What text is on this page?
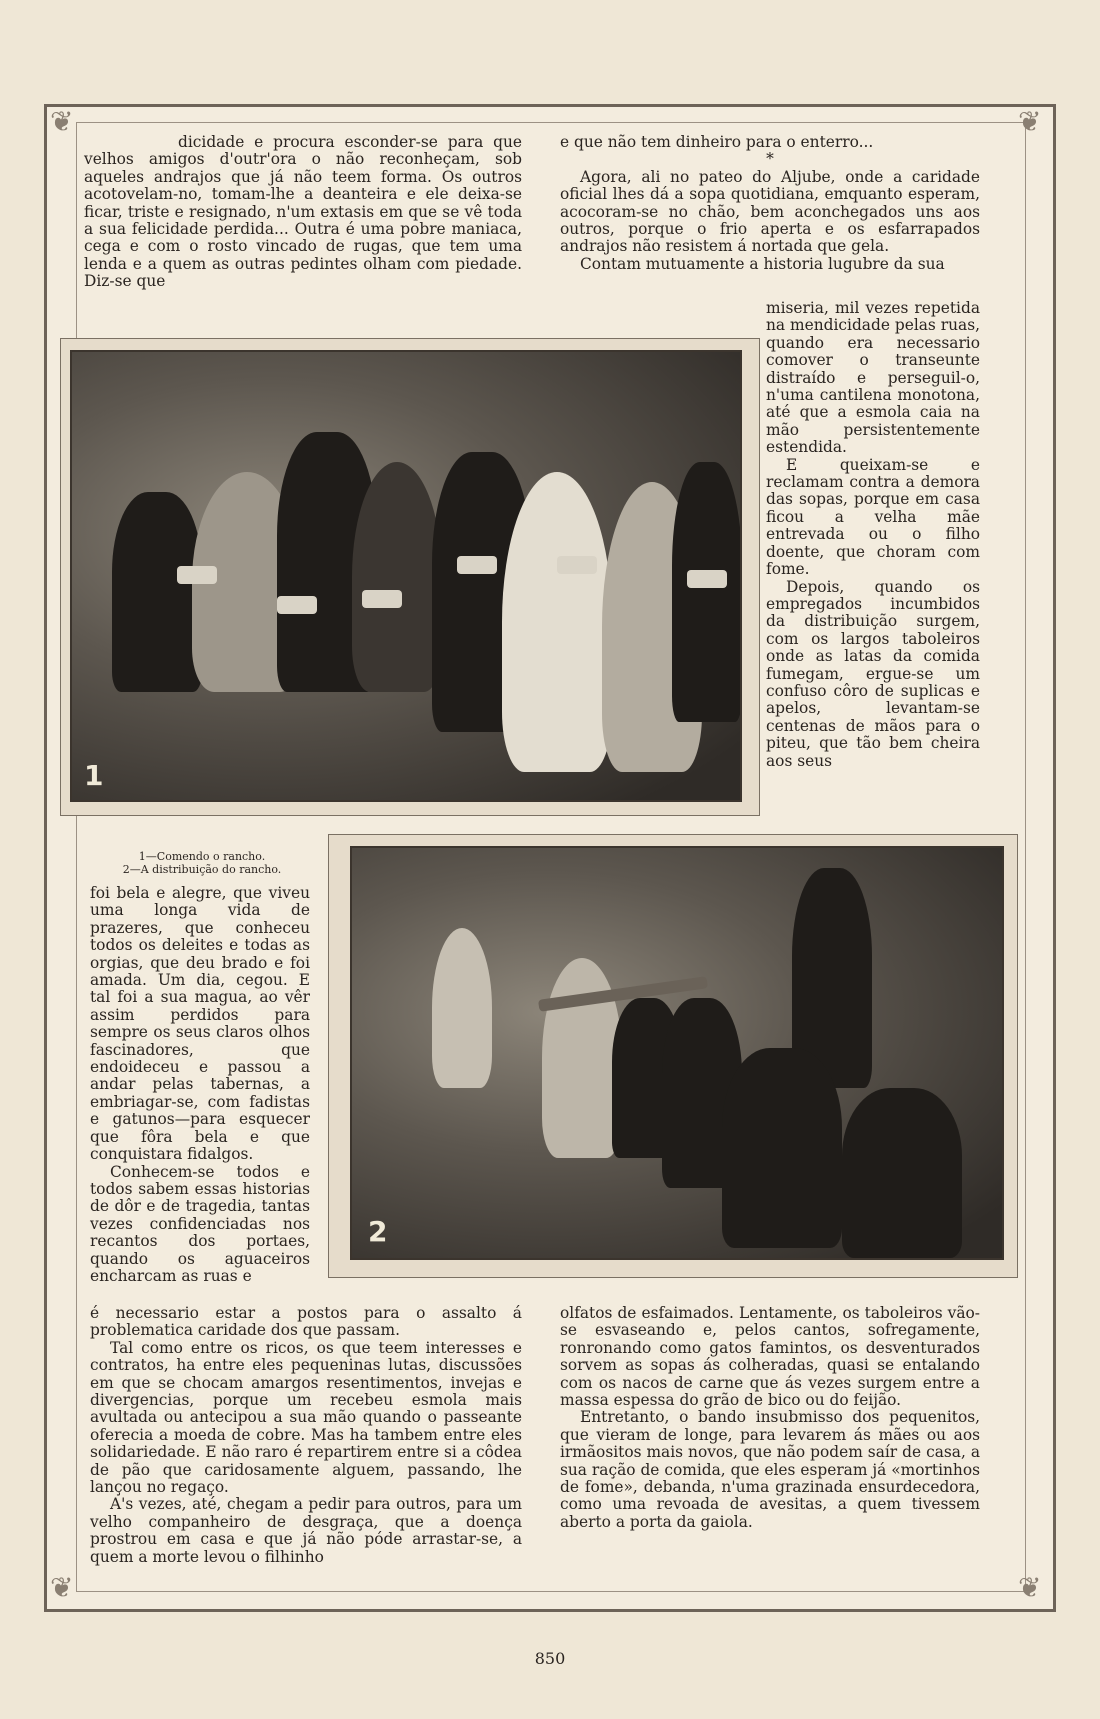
❦	❦
❦	❦

dicidade e procura esconder-se para que velhos amigos d'outr'ora o não reconheçam, sob aqueles andrajos que já não teem forma. Os outros acotovelam-no, tomam-lhe a deanteira e ele deixa-se ficar, triste e resignado, n'um extasis em que se vê toda a sua felicidade perdida... Outra é uma pobre maniaca, cega e com o rosto vincado de rugas, que tem uma lenda e a quem as outras pedintes olham com piedade. Diz-se que

e que não tem dinheiro para o enterro...

*

Agora, ali no pateo do Aljube, onde a caridade oficial lhes dá a sopa quotidiana, emquanto esperam, acocoram-se no chão, bem aconchegados uns aos outros, porque o frio aperta e os esfarrapados andrajos não resistem á nortada que gela.

Contam mutuamente a historia lugubre da sua

1

miseria, mil vezes repetida na mendicidade pelas ruas, quando era necessario comover o transeunte distraído e perseguil-o, n'uma cantilena monotona, até que a esmola caia na mão persistentemente estendida.

E queixam-se e reclamam contra a demora das sopas, porque em casa ficou a velha mãe entrevada ou o filho doente, que choram com fome.

Depois, quando os empregados incumbidos da distribuição surgem, com os largos taboleiros onde as latas da comida fumegam, ergue-se um confuso côro de suplicas e apelos, levantam-se centenas de mãos para o piteu, que tão bem cheira aos seus

1—Comendo o rancho.
2—A distribuição do rancho.

foi bela e alegre, que viveu uma longa vida de prazeres, que conheceu todos os deleites e todas as orgias, que deu brado e foi amada. Um dia, cegou. E tal foi a sua magua, ao vêr assim perdidos para sempre os seus claros olhos fascinadores, que endoideceu e passou a andar pelas tabernas, a embriagar-se, com fadistas e gatunos—para esquecer que fôra bela e que conquistara fidalgos.

Conhecem-se todos e todos sabem essas historias de dôr e de tragedia, tantas vezes confidenciadas nos recantos dos portaes, quando os aguaceiros encharcam as ruas e

2

é necessario estar a postos para o assalto á problematica caridade dos que passam.

Tal como entre os ricos, os que teem interesses e contratos, ha entre eles pequeninas lutas, discussões em que se chocam amargos resentimentos, invejas e divergencias, porque um recebeu esmola mais avultada ou antecipou a sua mão quando o passeante oferecia a moeda de cobre. Mas ha tambem entre eles solidariedade. E não raro é repartirem entre si a côdea de pão que caridosamente alguem, passando, lhe lançou no regaço.

A's vezes, até, chegam a pedir para outros, para um velho companheiro de desgraça, que a doença prostrou em casa e que já não póde arrastar-se, a quem a morte levou o filhinho

olfatos de esfaimados. Lentamente, os taboleiros vão-se esvaseando e, pelos cantos, sofregamente, ronronando como gatos famintos, os desventurados sorvem as sopas ás colheradas, quasi se entalando com os nacos de carne que ás vezes surgem entre a massa espessa do grão de bico ou do feijão.

Entretanto, o bando insubmisso dos pequenitos, que vieram de longe, para levarem ás mães ou aos irmãositos mais novos, que não podem saír de casa, a sua ração de comida, que eles esperam já «mortinhos de fome», debanda, n'uma grazinada ensurdecedora, como uma revoada de avesitas, a quem tivessem aberto a porta da gaiola.

850
